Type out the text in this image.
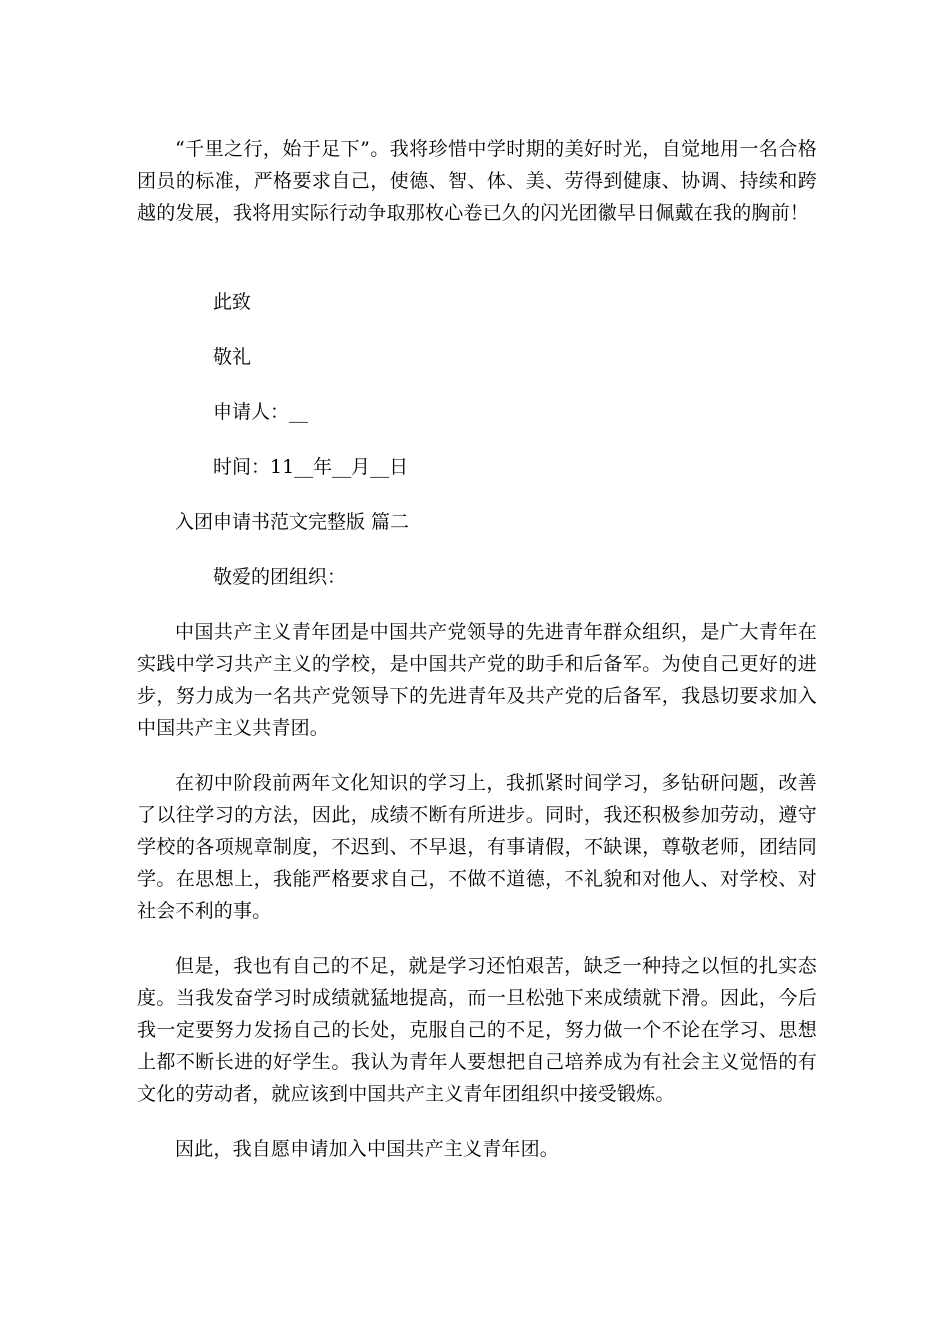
“千里之行，始于足下”。我将珍惜中学时期的美好时光，自觉地用一名合格团员的标准，严格要求自己，使德、智、体、美、劳得到健康、协调、持续和跨越的发展，我将用实际行动争取那枚心卷已久的闪光团徽早日佩戴在我的胸前！

此致

敬礼

申请人：__

时间：11__年__月__日

入团申请书范文完整版 篇二

敬爱的团组织：

中国共产主义青年团是中国共产党领导的先进青年群众组织，是广大青年在实践中学习共产主义的学校，是中国共产党的助手和后备军。为使自己更好的进步，努力成为一名共产党领导下的先进青年及共产党的后备军，我恳切要求加入中国共产主义共青团。

在初中阶段前两年文化知识的学习上，我抓紧时间学习，多钻研问题，改善了以往学习的方法，因此，成绩不断有所进步。同时，我还积极参加劳动，遵守学校的各项规章制度，不迟到、不早退，有事请假，不缺课，尊敬老师，团结同学。在思想上，我能严格要求自己，不做不道德，不礼貌和对他人、对学校、对社会不利的事。

但是，我也有自己的不足，就是学习还怕艰苦，缺乏一种持之以恒的扎实态度。当我发奋学习时成绩就猛地提高，而一旦松弛下来成绩就下滑。因此，今后我一定要努力发扬自己的长处，克服自己的不足，努力做一个不论在学习、思想上都不断长进的好学生。我认为青年人要想把自己培养成为有社会主义觉悟的有文化的劳动者，就应该到中国共产主义青年团组织中接受锻炼。

因此，我自愿申请加入中国共产主义青年团。
